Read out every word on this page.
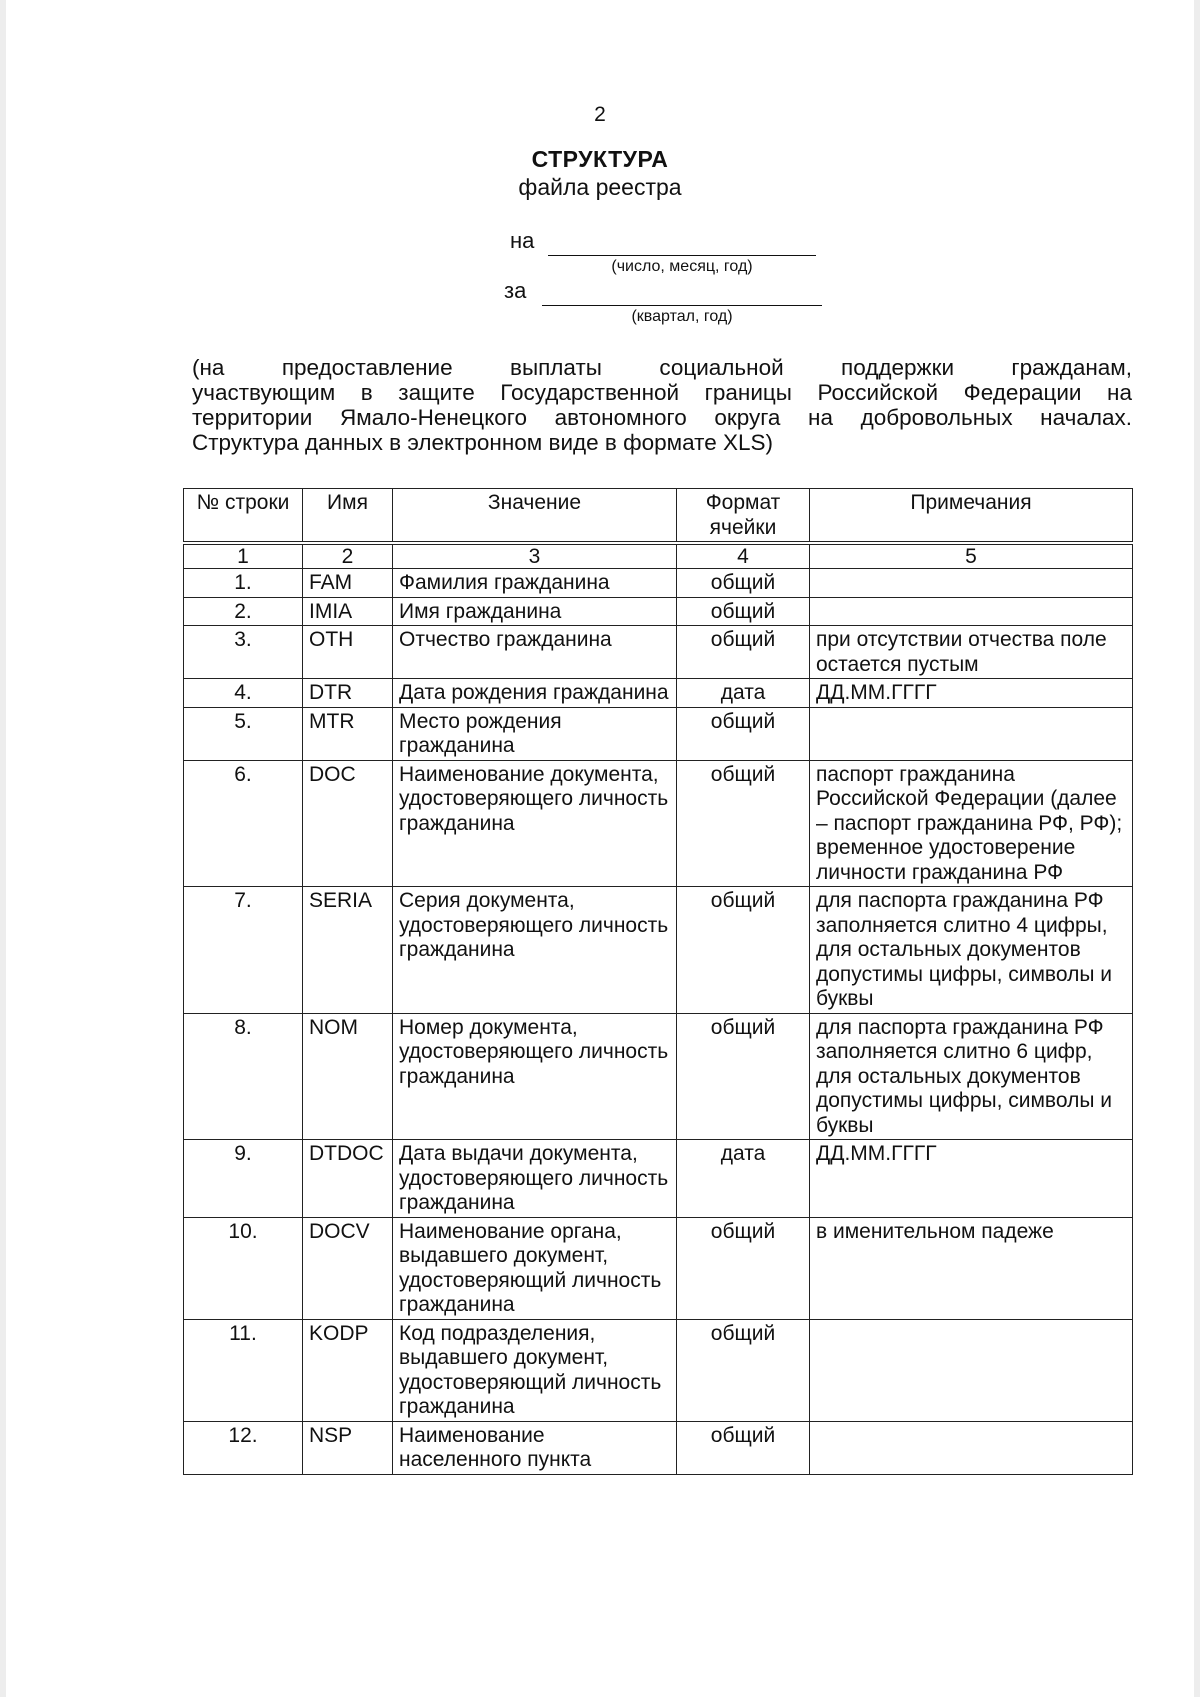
2
СТРУКТУРА
файла реестра
на
(число, месяц, год)
за
(квартал, год)
(на предоставление выплаты социальной поддержки гражданам,
участвующим в защите Государственной границы Российской Федерации на
территории Ямало-Ненецкого автономного округа на добровольных началах.
Структура данных в электронном виде в формате XLS)
№ строки	Имя	Значение	Формат ячейки	Примечания
1	2	3	4	5
1.	FAM	Фамилия гражданина	общий	
2.	IMIA	Имя гражданина	общий	
3.	OTH	Отчество гражданина	общий	при отсутствии отчества поле остается пустым
4.	DTR	Дата рождения гражданина	дата	ДД.ММ.ГГГГ
5.	MTR	Место рождения гражданина	общий	
6.	DOC	Наименование документа, удостоверяющего личность гражданина	общий	паспорт гражданина Российской Федерации (далее – паспорт гражданина РФ, РФ); временное удостоверение личности гражданина РФ
7.	SERIA	Серия документа, удостоверяющего личность гражданина	общий	для паспорта гражданина РФ заполняется слитно 4 цифры, для остальных документов допустимы цифры, символы и буквы
8.	NOM	Номер документа, удостоверяющего личность гражданина	общий	для паспорта гражданина РФ заполняется слитно 6 цифр, для остальных документов допустимы цифры, символы и буквы
9.	DTDOC	Дата выдачи документа, удостоверяющего личность гражданина	дата	ДД.ММ.ГГГГ
10.	DOCV	Наименование органа, выдавшего документ, удостоверяющий личность гражданина	общий	в именительном падеже
11.	KODP	Код подразделения, выдавшего документ, удостоверяющий личность гражданина	общий	
12.	NSP	Наименование населенного пункта	общий	
